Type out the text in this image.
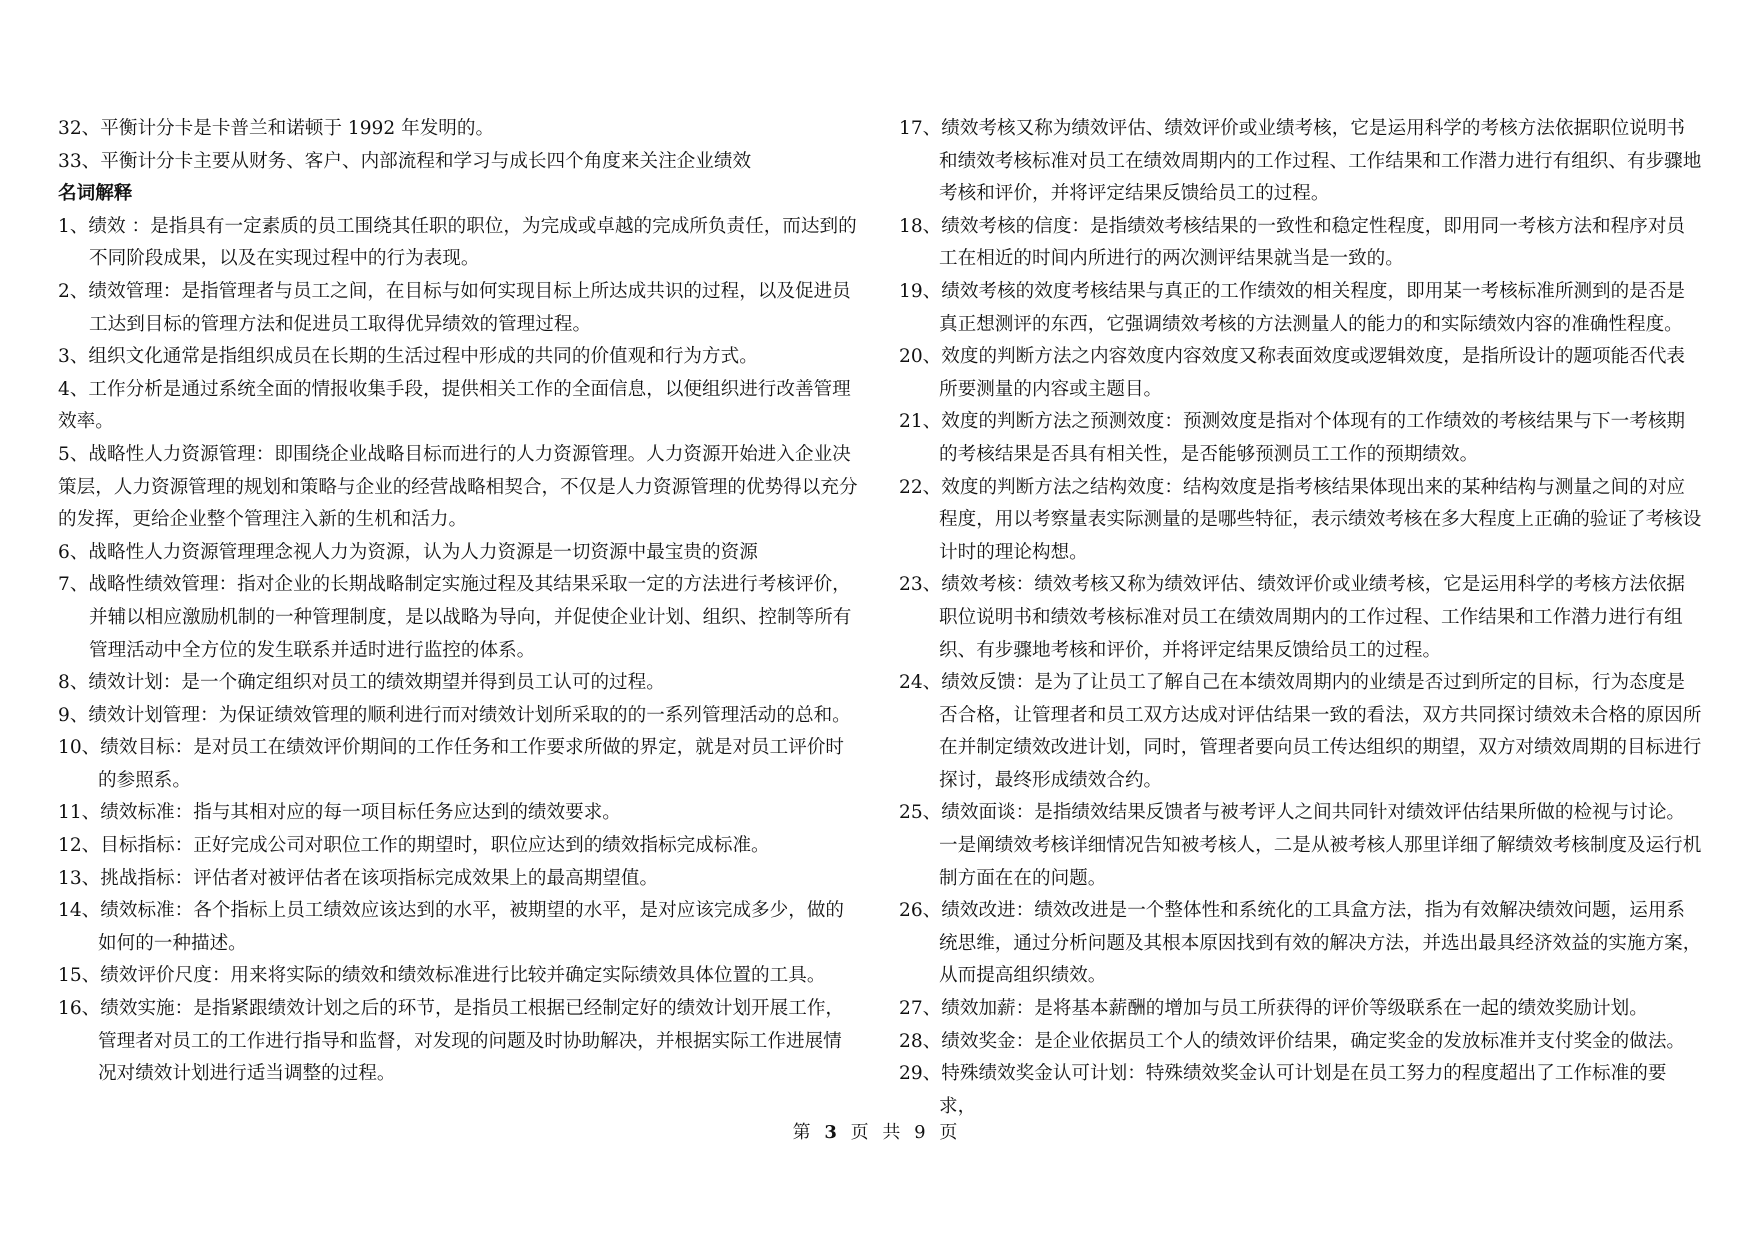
32、平衡计分卡是卡普兰和诺顿于 1992 年发明的。

33、平衡计分卡主要从财务、客户、内部流程和学习与成长四个角度来关注企业绩效

名词解释

1、绩效 ：是指具有一定素质的员工围绕其任职的职位，为完成或卓越的完成所负责任，而达到的不同阶段成果，以及在实现过程中的行为表现。

2、绩效管理：是指管理者与员工之间，在目标与如何实现目标上所达成共识的过程，以及促进员工达到目标的管理方法和促进员工取得优异绩效的管理过程。

3、组织文化通常是指组织成员在长期的生活过程中形成的共同的价值观和行为方式。

4、工作分析是通过系统全面的情报收集手段，提供相关工作的全面信息，以便组织进行改善管理效率。

5、战略性人力资源管理：即围绕企业战略目标而进行的人力资源管理。人力资源开始进入企业决策层，人力资源管理的规划和策略与企业的经营战略相契合，不仅是人力资源管理的优势得以充分的发挥，更给企业整个管理注入新的生机和活力。

6、战略性人力资源管理理念视人力为资源，认为人力资源是一切资源中最宝贵的资源

7、战略性绩效管理：指对企业的长期战略制定实施过程及其结果采取一定的方法进行考核评价，并辅以相应激励机制的一种管理制度，是以战略为导向，并促使企业计划、组织、控制等所有管理活动中全方位的发生联系并适时进行监控的体系。

8、绩效计划：是一个确定组织对员工的绩效期望并得到员工认可的过程。

9、绩效计划管理：为保证绩效管理的顺利进行而对绩效计划所采取的的一系列管理活动的总和。

10、绩效目标：是对员工在绩效评价期间的工作任务和工作要求所做的界定，就是对员工评价时的参照系。

11、绩效标准：指与其相对应的每一项目标任务应达到的绩效要求。

12、目标指标：正好完成公司对职位工作的期望时，职位应达到的绩效指标完成标准。

13、挑战指标：评估者对被评估者在该项指标完成效果上的最高期望值。

14、绩效标准：各个指标上员工绩效应该达到的水平，被期望的水平，是对应该完成多少，做的如何的一种描述。

15、绩效评价尺度：用来将实际的绩效和绩效标准进行比较并确定实际绩效具体位置的工具。

16、绩效实施：是指紧跟绩效计划之后的环节，是指员工根据已经制定好的绩效计划开展工作，管理者对员工的工作进行指导和监督，对发现的问题及时协助解决，并根据实际工作进展情况对绩效计划进行适当调整的过程。

17、绩效考核又称为绩效评估、绩效评价或业绩考核，它是运用科学的考核方法依据职位说明书和绩效考核标准对员工在绩效周期内的工作过程、工作结果和工作潜力进行有组织、有步骤地考核和评价，并将评定结果反馈给员工的过程。

18、绩效考核的信度：是指绩效考核结果的一致性和稳定性程度，即用同一考核方法和程序对员工在相近的时间内所进行的两次测评结果就当是一致的。

19、绩效考核的效度考核结果与真正的工作绩效的相关程度，即用某一考核标准所测到的是否是真正想测评的东西，它强调绩效考核的方法测量人的能力的和实际绩效内容的准确性程度。

20、效度的判断方法之内容效度内容效度又称表面效度或逻辑效度，是指所设计的题项能否代表所要测量的内容或主题目。

21、效度的判断方法之预测效度：预测效度是指对个体现有的工作绩效的考核结果与下一考核期的考核结果是否具有相关性，是否能够预测员工工作的预期绩效。

22、效度的判断方法之结构效度：结构效度是指考核结果体现出来的某种结构与测量之间的对应程度，用以考察量表实际测量的是哪些特征，表示绩效考核在多大程度上正确的验证了考核设计时的理论构想。

23、绩效考核：绩效考核又称为绩效评估、绩效评价或业绩考核，它是运用科学的考核方法依据职位说明书和绩效考核标准对员工在绩效周期内的工作过程、工作结果和工作潜力进行有组织、有步骤地考核和评价，并将评定结果反馈给员工的过程。

24、绩效反馈：是为了让员工了解自己在本绩效周期内的业绩是否过到所定的目标，行为态度是否合格，让管理者和员工双方达成对评估结果一致的看法，双方共同探讨绩效未合格的原因所在并制定绩效改进计划，同时，管理者要向员工传达组织的期望，双方对绩效周期的目标进行探讨，最终形成绩效合约。

25、绩效面谈：是指绩效结果反馈者与被考评人之间共同针对绩效评估结果所做的检视与讨论。一是阐绩效考核详细情况告知被考核人，二是从被考核人那里详细了解绩效考核制度及运行机制方面在在的问题。

26、绩效改进：绩效改进是一个整体性和系统化的工具盒方法，指为有效解决绩效问题，运用系统思维，通过分析问题及其根本原因找到有效的解决方法，并选出最具经济效益的实施方案，从而提高组织绩效。

27、绩效加薪：是将基本薪酬的增加与员工所获得的评价等级联系在一起的绩效奖励计划。

28、绩效奖金：是企业依据员工个人的绩效评价结果，确定奖金的发放标准并支付奖金的做法。

29、特殊绩效奖金认可计划：特殊绩效奖金认可计划是在员工努力的程度超出了工作标准的要求，

第 3 页 共 9 页
